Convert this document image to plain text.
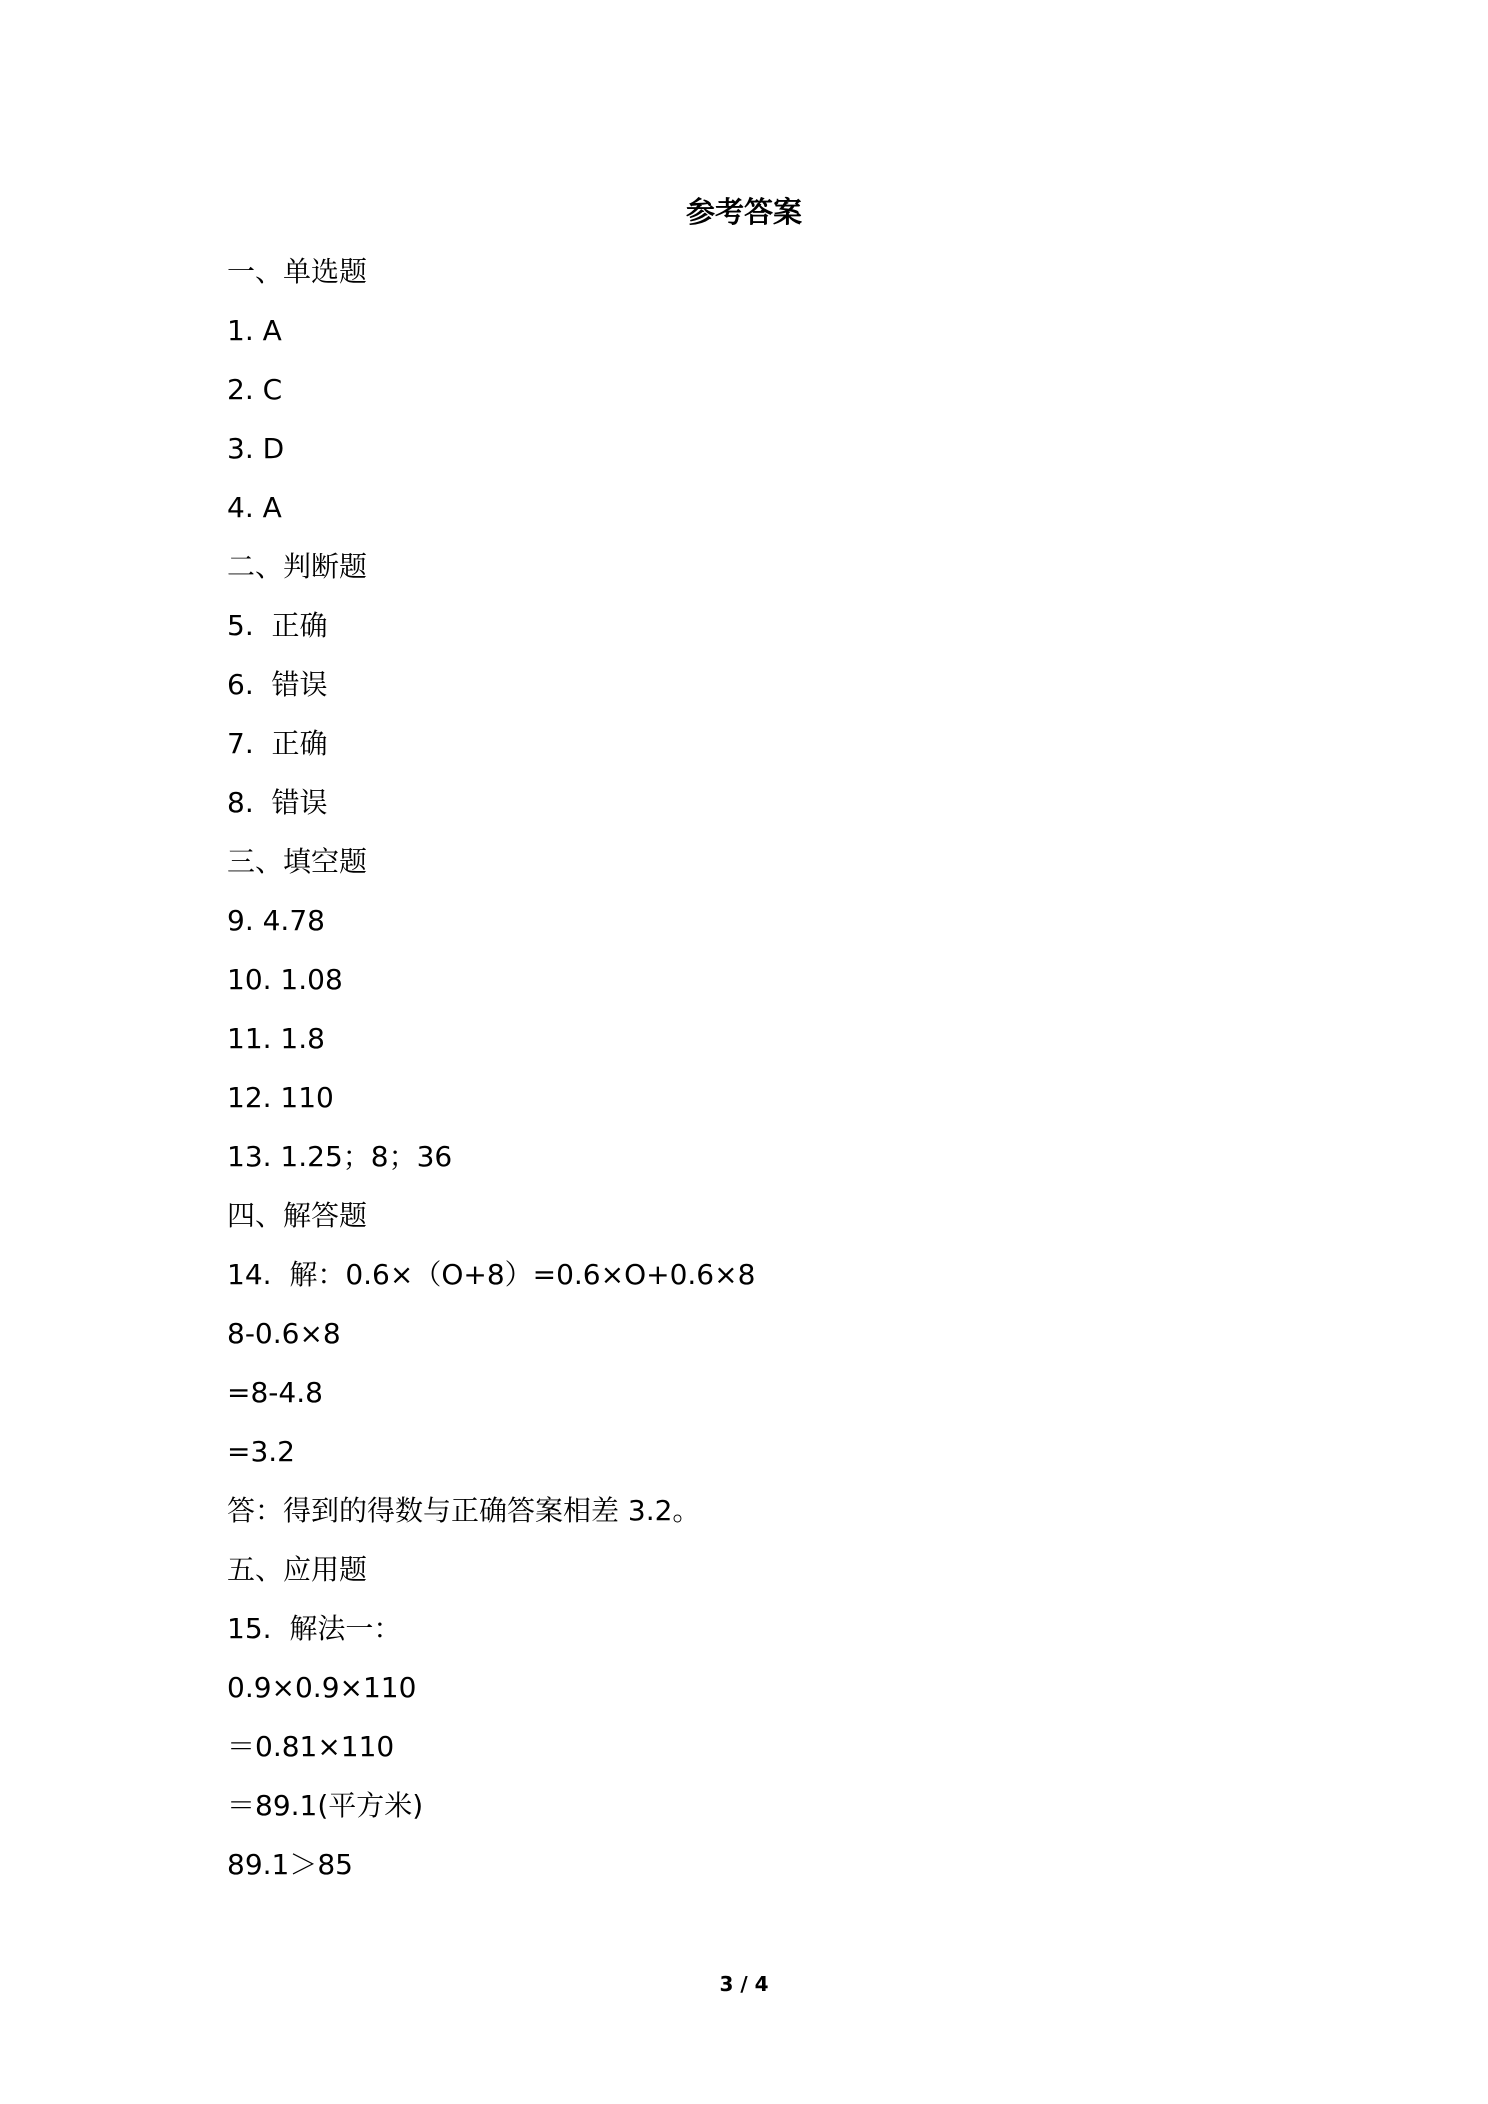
参考答案
一、单选题
1. A
2. C
3. D
4. A
二、判断题
5.  正确
6.  错误
7.  正确
8.  错误
三、填空题
9. 4.78
10. 1.08
11. 1.8
12. 110
13. 1.25；8；36
四、解答题
14.  解：0.6×（O+8）=0.6×O+0.6×8
8-0.6×8
=8-4.8
=3.2
答：得到的得数与正确答案相差 3.2。
五、应用题
15.  解法一：
0.9×0.9×110
＝0.81×110
＝89.1(平方米)
89.1＞85
3 / 4
